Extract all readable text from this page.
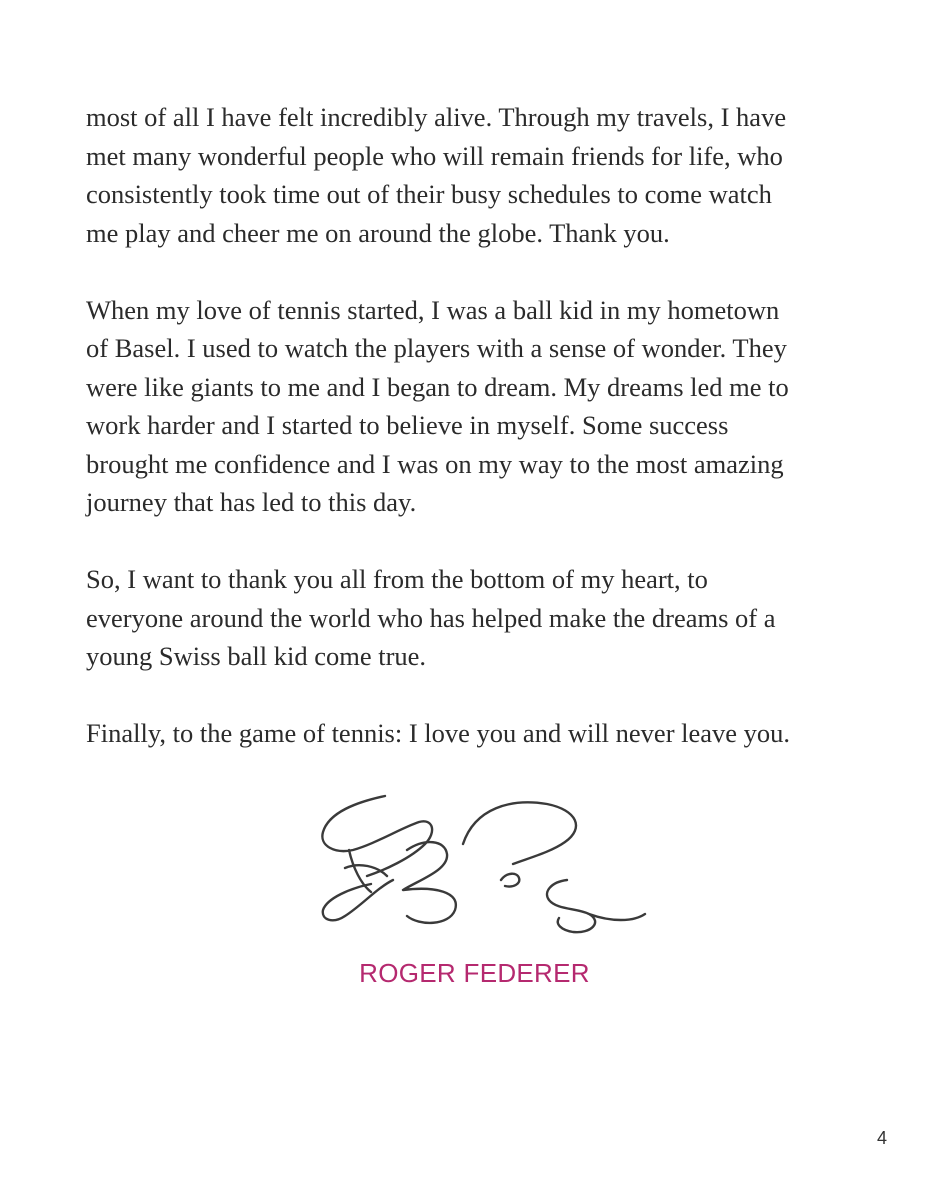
most of all I have felt incredibly alive. Through my travels, I have
met many wonderful people who will remain friends for life, who
consistently took time out of their busy schedules to come watch
me play and cheer me on around the globe. Thank you.

When my love of tennis started, I was a ball kid in my hometown
of Basel. I used to watch the players with a sense of wonder. They
were like giants to me and I began to dream. My dreams led me to
work harder and I started to believe in myself. Some success
brought me confidence and I was on my way to the most amazing
journey that has led to this day.

So, I want to thank you all from the bottom of my heart, to
everyone around the world who has helped make the dreams of a
young Swiss ball kid come true.

Finally, to the game of tennis: I love you and will never leave you.

ROGER FEDERER
4
